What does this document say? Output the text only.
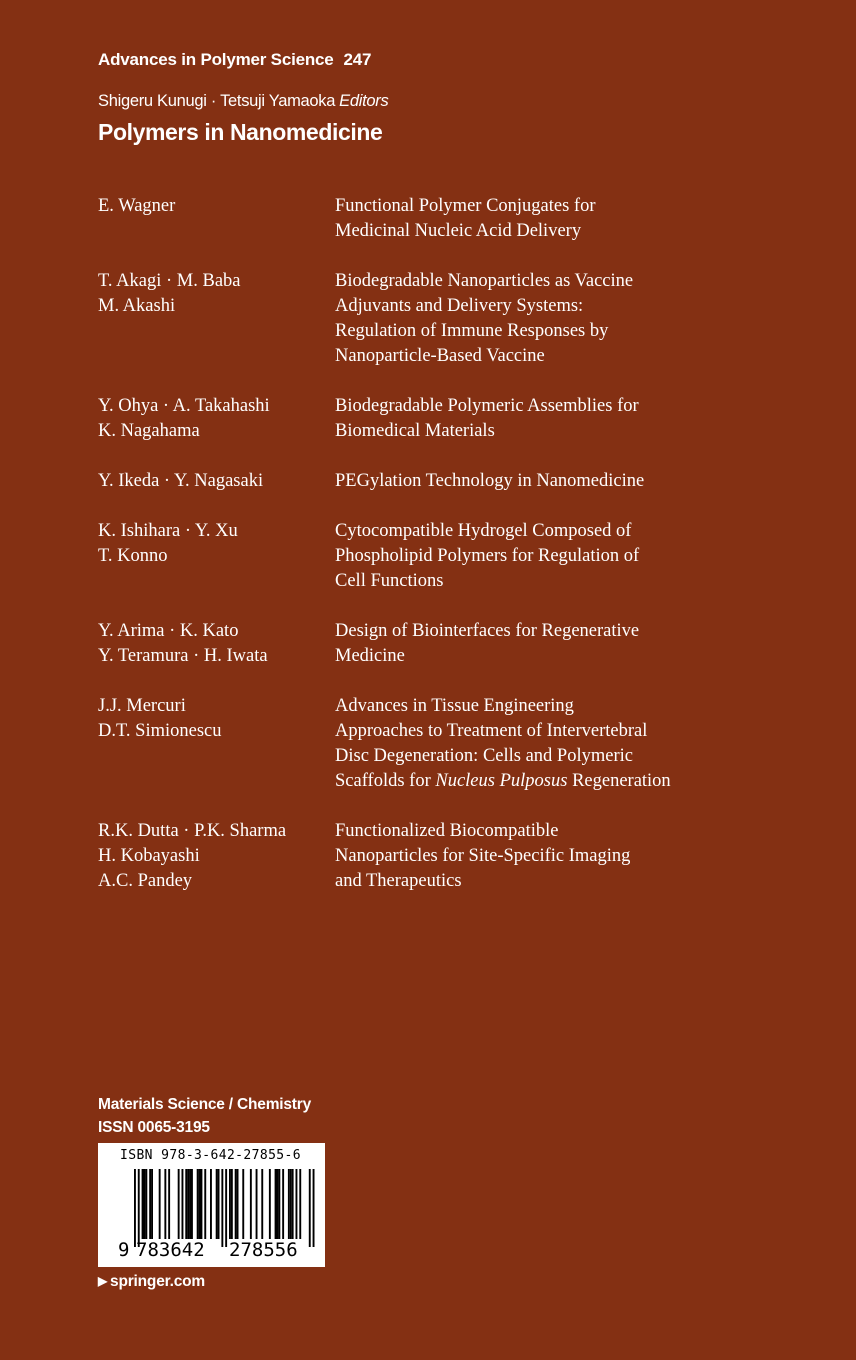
Advances in Polymer Science 247
Shigeru Kunugi · Tetsuji Yamaoka Editors
Polymers in Nanomedicine
E. Wagner	Functional Polymer Conjugates for
Medicinal Nucleic Acid Delivery
T. Akagi · M. Baba
M. Akashi
Biodegradable Nanoparticles as Vaccine
Adjuvants and Delivery Systems:
Regulation of Immune Responses by
Nanoparticle-Based Vaccine
Y. Ohya · A. Takahashi
K. Nagahama
Biodegradable Polymeric Assemblies for
Biomedical Materials
Y. Ikeda · Y. Nagasaki	PEGylation Technology in Nanomedicine
K. Ishihara · Y. Xu
T. Konno
Cytocompatible Hydrogel Composed of
Phospholipid Polymers for Regulation of
Cell Functions
Y. Arima · K. Kato
Y. Teramura · H. Iwata
Design of Biointerfaces for Regenerative
Medicine
J.J. Mercuri
D.T. Simionescu
Advances in Tissue Engineering
Approaches to Treatment of Intervertebral
Disc Degeneration: Cells and Polymeric
Scaffolds for Nucleus Pulposus Regeneration
R.K. Dutta · P.K. Sharma
H. Kobayashi
A.C. Pandey
Functionalized Biocompatible
Nanoparticles for Site-Specific Imaging
and Therapeutics
Materials Science / Chemistry
ISSN 0065-3195
ISBN 978-3-642-27855-6
9 783642 278556
▶ springer.com
